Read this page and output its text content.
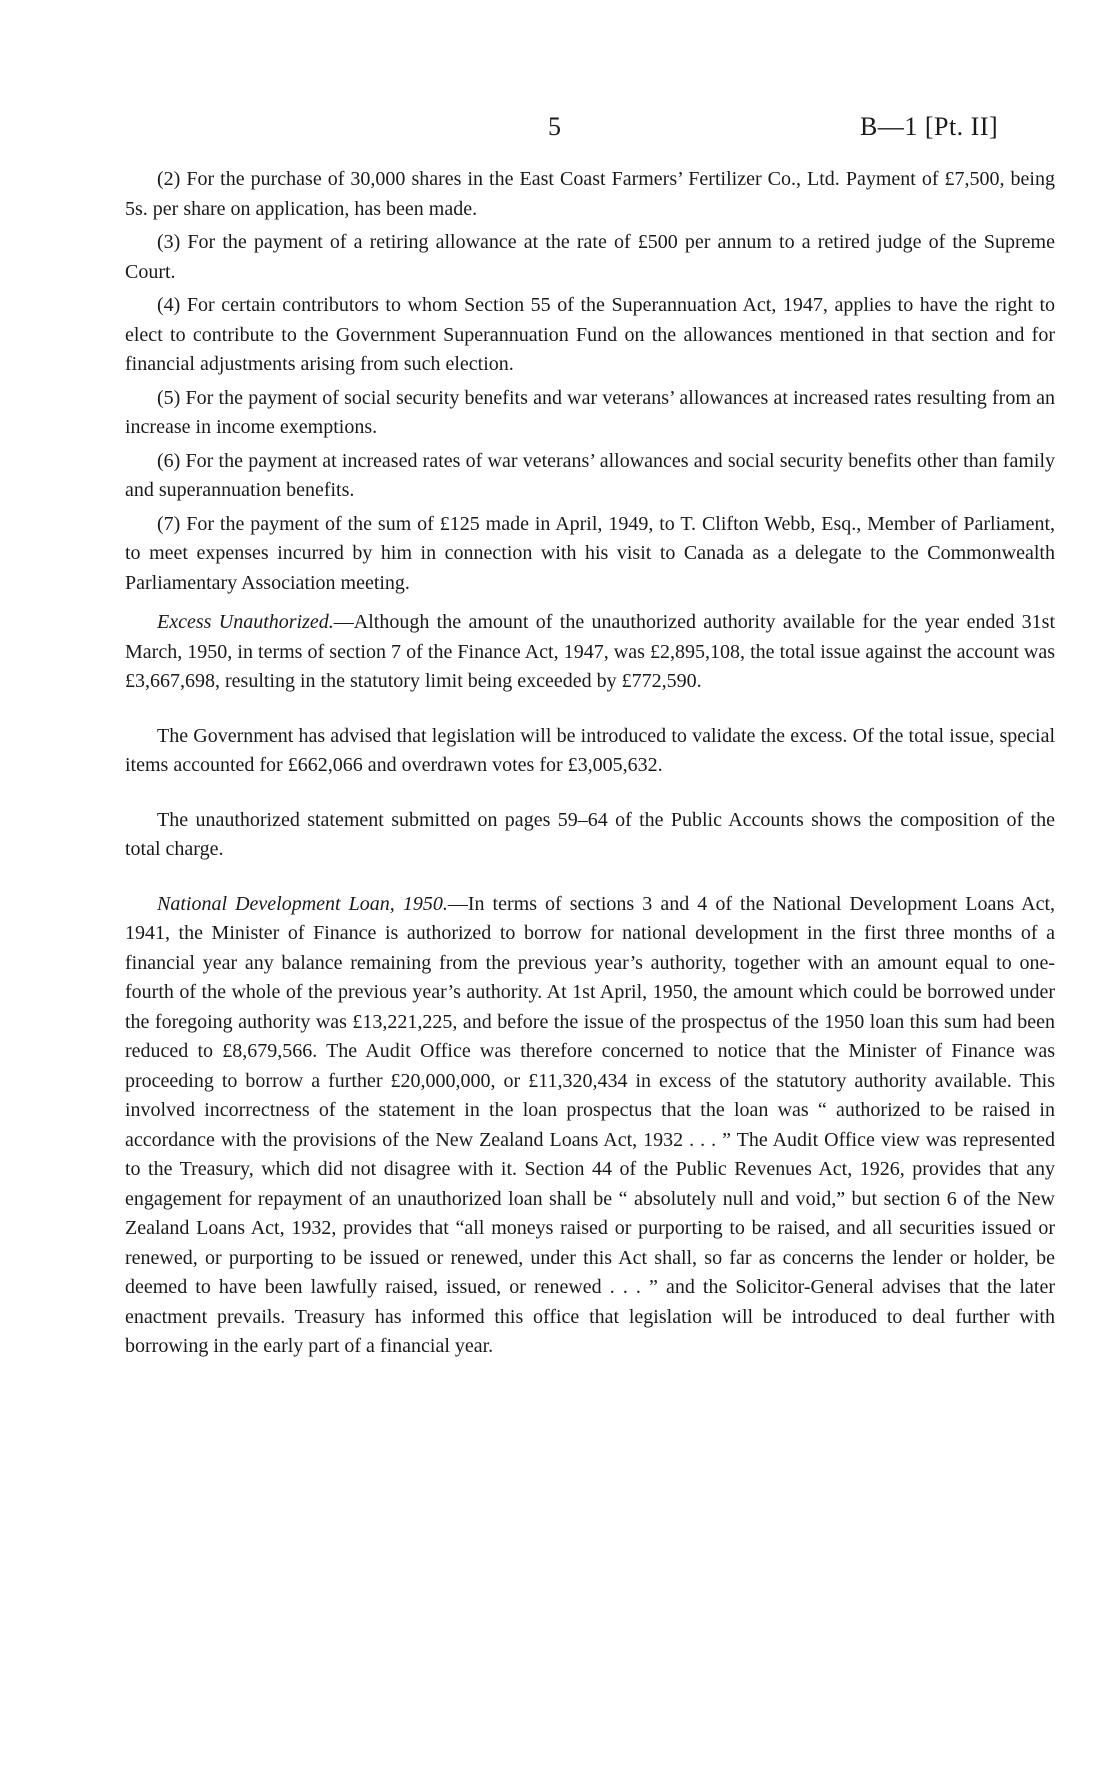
5	B—1 [Pt. II]

(2) For the purchase of 30,000 shares in the East Coast Farmers’ Fertilizer Co., Ltd. Payment of £7,500, being 5s. per share on application, has been made.

(3) For the payment of a retiring allowance at the rate of £500 per annum to a retired judge of the Supreme Court.

(4) For certain contributors to whom Section 55 of the Superannuation Act, 1947, applies to have the right to elect to contribute to the Government Superannuation Fund on the allowances mentioned in that section and for financial adjustments arising from such election.

(5) For the payment of social security benefits and war veterans’ allowances at increased rates resulting from an increase in income exemptions.

(6) For the payment at increased rates of war veterans’ allowances and social security benefits other than family and superannuation benefits.

(7) For the payment of the sum of £125 made in April, 1949, to T. Clifton Webb, Esq., Member of Parliament, to meet expenses incurred by him in connection with his visit to Canada as a delegate to the Commonwealth Parliamentary Association meeting.

Excess Unauthorized.—Although the amount of the unauthorized authority available for the year ended 31st March, 1950, in terms of section 7 of the Finance Act, 1947, was £2,895,108, the total issue against the account was £3,667,698, resulting in the statutory limit being exceeded by £772,590.

The Government has advised that legislation will be introduced to validate the excess. Of the total issue, special items accounted for £662,066 and overdrawn votes for £3,005,632.

The unauthorized statement submitted on pages 59–64 of the Public Accounts shows the composition of the total charge.

National Development Loan, 1950.—In terms of sections 3 and 4 of the National Development Loans Act, 1941, the Minister of Finance is authorized to borrow for national development in the first three months of a financial year any balance remaining from the previous year’s authority, together with an amount equal to one-fourth of the whole of the previous year’s authority. At 1st April, 1950, the amount which could be borrowed under the foregoing authority was £13,221,225, and before the issue of the prospectus of the 1950 loan this sum had been reduced to £8,679,566. The Audit Office was therefore concerned to notice that the Minister of Finance was proceeding to borrow a further £20,000,000, or £11,320,434 in excess of the statutory authority available. This involved incorrectness of the statement in the loan prospectus that the loan was “ authorized to be raised in accordance with the provisions of the New Zealand Loans Act, 1932 . . . ” The Audit Office view was represented to the Treasury, which did not disagree with it. Section 44 of the Public Revenues Act, 1926, provides that any engagement for repayment of an unauthorized loan shall be “ absolutely null and void,” but section 6 of the New Zealand Loans Act, 1932, provides that “all moneys raised or purporting to be raised, and all securities issued or renewed, or purporting to be issued or renewed, under this Act shall, so far as concerns the lender or holder, be deemed to have been lawfully raised, issued, or renewed . . . ” and the Solicitor-General advises that the later enactment prevails. Treasury has informed this office that legislation will be introduced to deal further with borrowing in the early part of a financial year.
